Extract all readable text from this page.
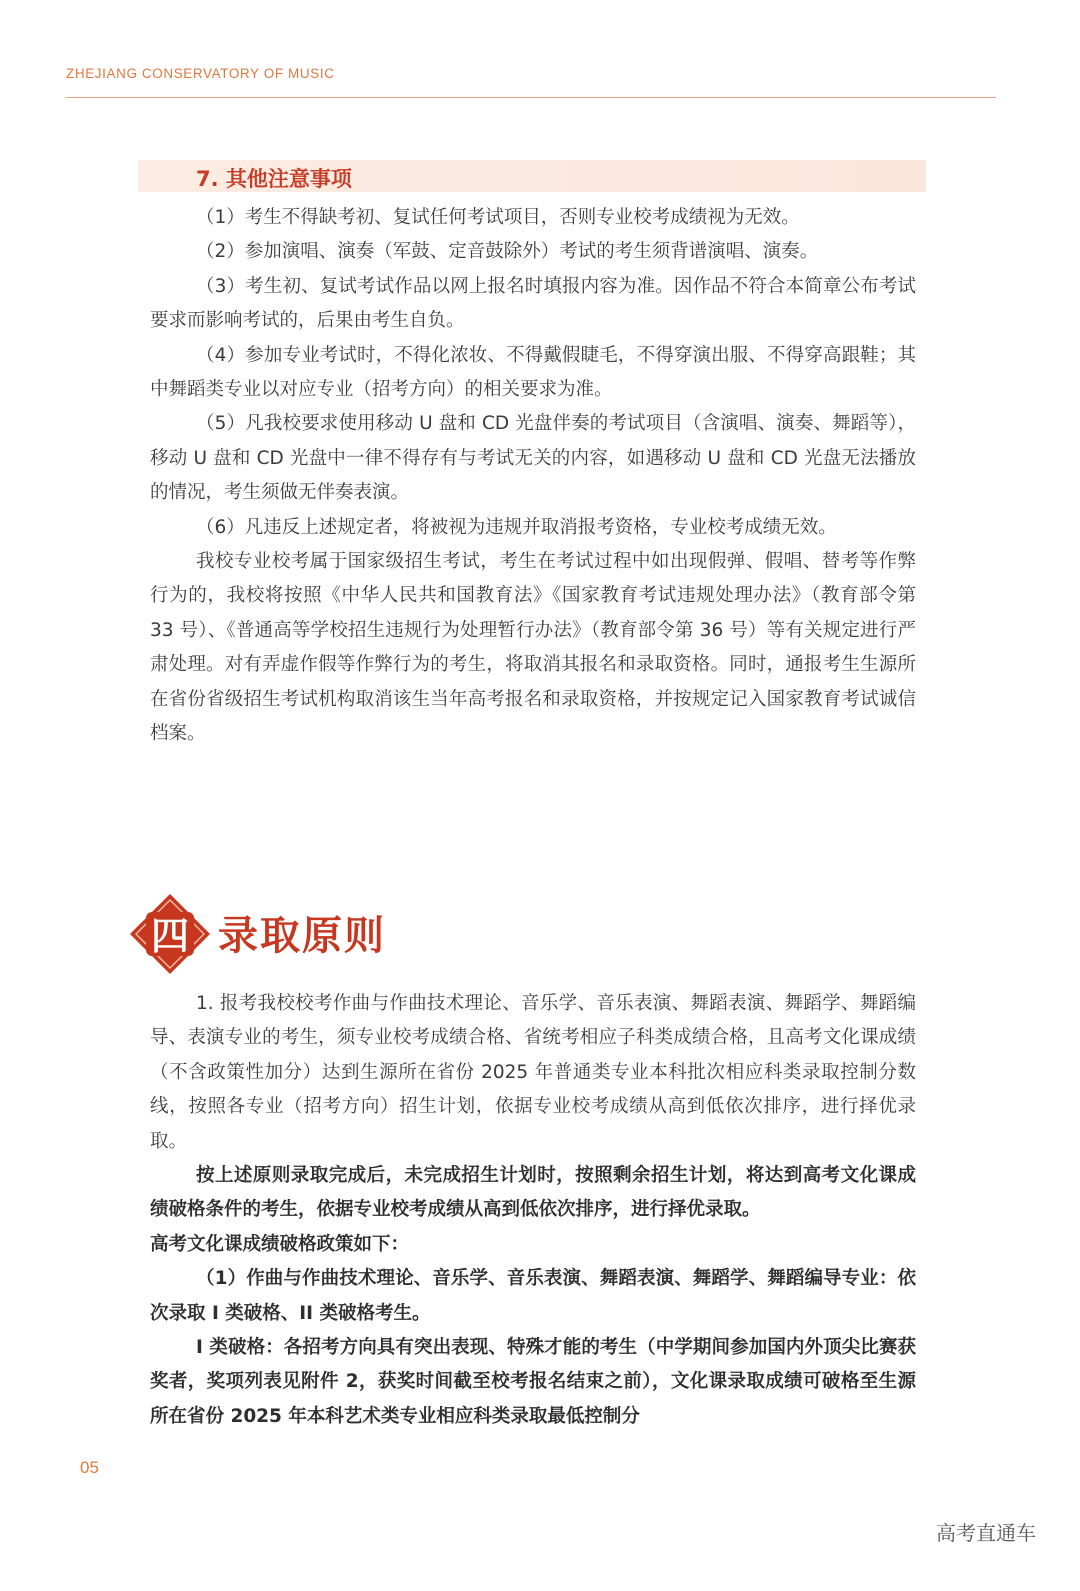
ZHEJIANG CONSERVATORY OF MUSIC
7. 其他注意事项

（1）考生不得缺考初、复试任何考试项目，否则专业校考成绩视为无效。

（2）参加演唱、演奏（军鼓、定音鼓除外）考试的考生须背谱演唱、演奏。

（3）考生初、复试考试作品以网上报名时填报内容为准。因作品不符合本简章公布考试要求而影响考试的，后果由考生自负。

（4）参加专业考试时，不得化浓妆、不得戴假睫毛，不得穿演出服、不得穿高跟鞋；其中舞蹈类专业以对应专业（招考方向）的相关要求为准。

（5）凡我校要求使用移动 U 盘和 CD 光盘伴奏的考试项目（含演唱、演奏、舞蹈等），移动 U 盘和 CD 光盘中一律不得存有与考试无关的内容，如遇移动 U 盘和 CD 光盘无法播放的情况，考生须做无伴奏表演。

（6）凡违反上述规定者，将被视为违规并取消报考资格，专业校考成绩无效。

我校专业校考属于国家级招生考试，考生在考试过程中如出现假弹、假唱、替考等作弊行为的，我校将按照《中华人民共和国教育法》《国家教育考试违规处理办法》（教育部令第 33 号）、《普通高等学校招生违规行为处理暂行办法》（教育部令第 36 号）等有关规定进行严肃处理。对有弄虚作假等作弊行为的考生，将取消其报名和录取资格。同时，通报考生生源所在省份省级招生考试机构取消该生当年高考报名和录取资格，并按规定记入国家教育考试诚信档案。

四 录取原则

1. 报考我校校考作曲与作曲技术理论、音乐学、音乐表演、舞蹈表演、舞蹈学、舞蹈编导、表演专业的考生，须专业校考成绩合格、省统考相应子科类成绩合格，且高考文化课成绩（不含政策性加分）达到生源所在省份 2025 年普通类专业本科批次相应科类录取控制分数线，按照各专业（招考方向）招生计划，依据专业校考成绩从高到低依次排序，进行择优录取。

按上述原则录取完成后，未完成招生计划时，按照剩余招生计划，将达到高考文化课成绩破格条件的考生，依据专业校考成绩从高到低依次排序，进行择优录取。

高考文化课成绩破格政策如下：

（1）作曲与作曲技术理论、音乐学、音乐表演、舞蹈表演、舞蹈学、舞蹈编导专业：依次录取 I 类破格、II 类破格考生。

I 类破格：各招考方向具有突出表现、特殊才能的考生（中学期间参加国内外顶尖比赛获奖者，奖项列表见附件 2，获奖时间截至校考报名结束之前），文化课录取成绩可破格至生源所在省份 2025 年本科艺术类专业相应科类录取最低控制分

05
高考直通车
